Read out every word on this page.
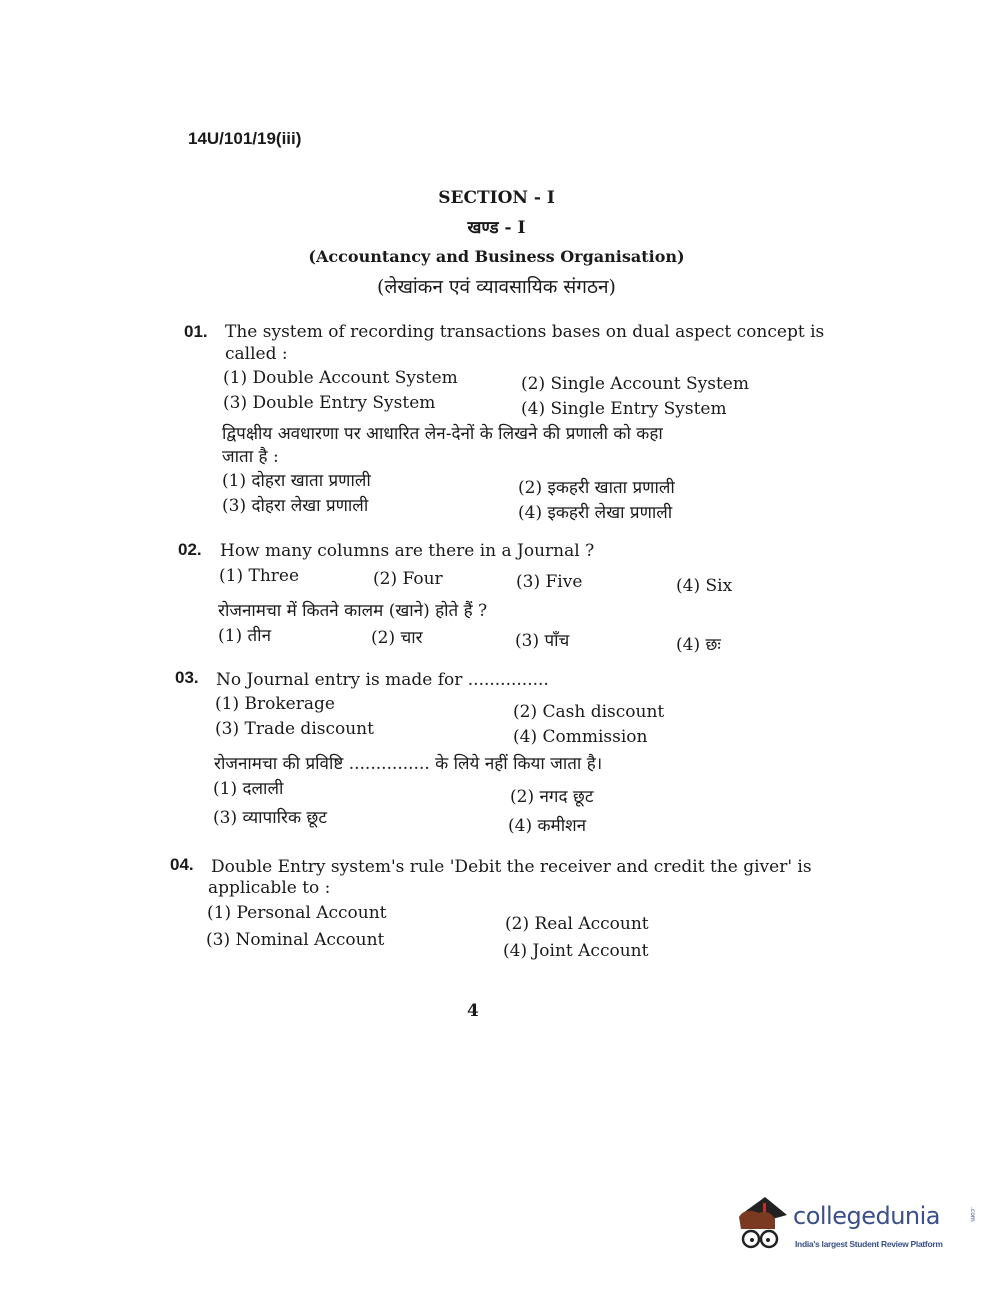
14U/101/19(iii)
SECTION - I
खण्ड - I
(Accountancy and Business Organisation)
(लेखांकन एवं व्यावसायिक संगठन)
01. The system of recording transactions bases on dual aspect concept is
called :
(1) Double Account System	(2) Single Account System
(3) Double Entry System	(4) Single Entry System
द्विपक्षीय अवधारणा पर आधारित लेन-देनों के लिखने की प्रणाली को कहा
जाता है :
(1) दोहरा खाता प्रणाली	(2) इकहरी खाता प्रणाली
(3) दोहरा लेखा प्रणाली	(4) इकहरी लेखा प्रणाली
02. How many columns are there in a Journal ?
(1) Three	(2) Four	(3) Five	(4) Six
रोजनामचा में कितने कालम (खाने) होते हैं ?
(1) तीन	(2) चार	(3) पाँच	(4) छः
03. No Journal entry is made for ...............
(1) Brokerage	(2) Cash discount
(3) Trade discount	(4) Commission
रोजनामचा की प्रविष्टि ............... के लिये नहीं किया जाता है।
(1) दलाली	(2) नगद छूट
(3) व्यापारिक छूट	(4) कमीशन
04. Double Entry system's rule 'Debit the receiver and credit the giver' is
applicable to :
(1) Personal Account
(2) Real Account
(3) Nominal Account
(4) Joint Account
4
collegedunia	.com
India's largest Student Review Platform
